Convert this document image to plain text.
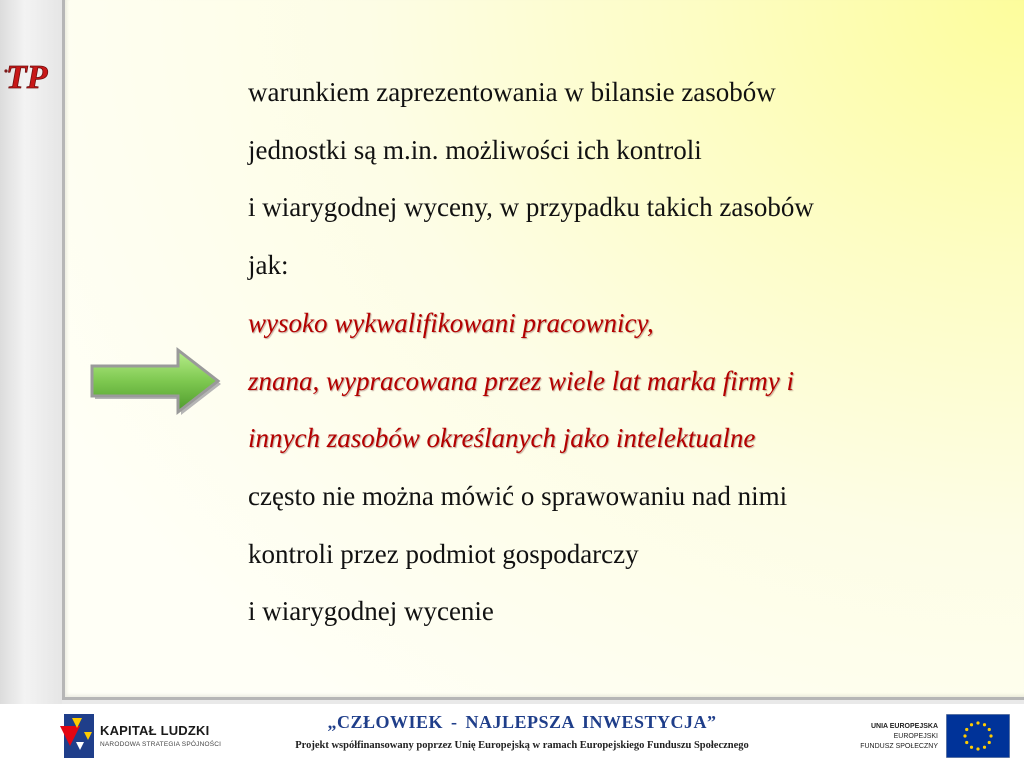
TP	warunkiem zaprezentowania w bilansie zasobów
jednostki są m.in. możliwości ich kontroli
i wiarygodnej wyceny, w przypadku takich zasobów
jak:
wysoko wykwalifikowani pracownicy,
znana, wypracowana przez wiele lat marka firmy i
innych zasobów określanych jako intelektualne
często nie można mówić o sprawowaniu nad nimi
kontroli przez podmiot gospodarczy
i wiarygodnej wycenie
KAPITAŁ LUDZKI
NARODOWA STRATEGIA SPÓJNOŚCI
„CZŁOWIEK - NAJLEPSZA INWESTYCJA”
Projekt współfinansowany poprzez Unię Europejską w ramach Europejskiego Funduszu Społecznego
UNIA EUROPEJSKA
EUROPEJSKI
FUNDUSZ SPOŁECZNY
